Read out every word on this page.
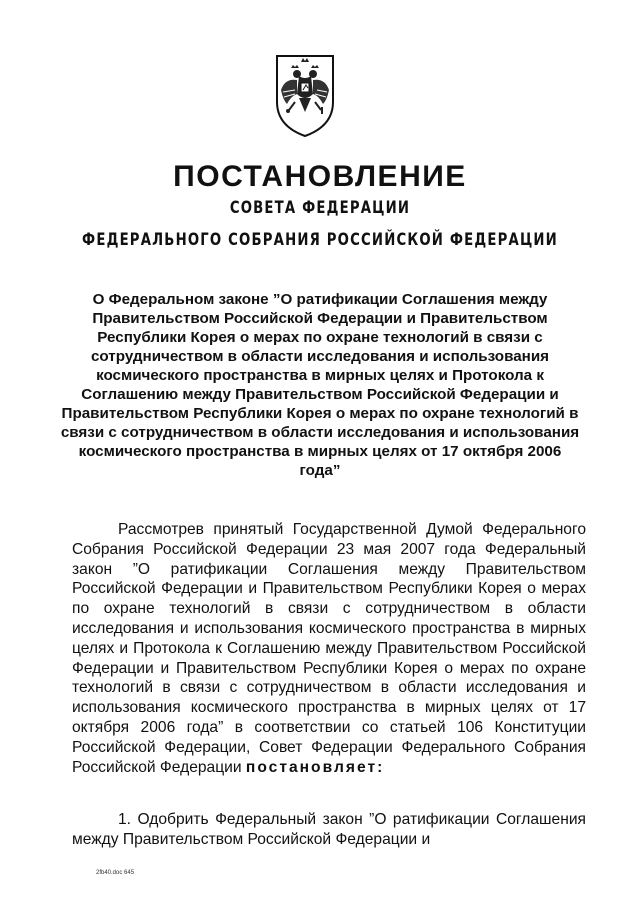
ПОСТАНОВЛЕНИЕ
СОВЕТА ФЕДЕРАЦИИ
ФЕДЕРАЛЬНОГО СОБРАНИЯ РОССИЙСКОЙ ФЕДЕРАЦИИ
О Федеральном законе ”О ратификации Соглашения между Правительством Российской Федерации и Правительством Республики Корея о мерах по охране технологий в связи с сотрудничеством в области исследования и использования космического пространства в мирных целях и Протокола к Соглашению между Правительством Российской Федерации и Правительством Республики Корея о мерах по охране технологий в связи с сотрудничеством в области исследования и использования космического пространства в мирных целях от 17 октября 2006 года”

Рассмотрев принятый Государственной Думой Федерального Собрания Российской Федерации 23 мая 2007 года Федеральный закон ”О ратификации Соглашения между Правительством Российской Федерации и Правительством Республики Корея о мерах по охране технологий в связи с сотрудничеством в области исследования и использования космического пространства в мирных целях и Протокола к Соглашению между Правительством Российской Федерации и Правительством Республики Корея о мерах по охране технологий в связи с сотрудничеством в области исследования и использования космического пространства в мирных целях от 17 октября 2006 года” в соответствии со статьей 106 Конституции Российской Федерации, Совет Федерации Федерального Собрания Российской Федерации постановляет:

1. Одобрить Федеральный закон ”О ратификации Соглашения между Правительством Российской Федерации и

2fb40.doc 645
